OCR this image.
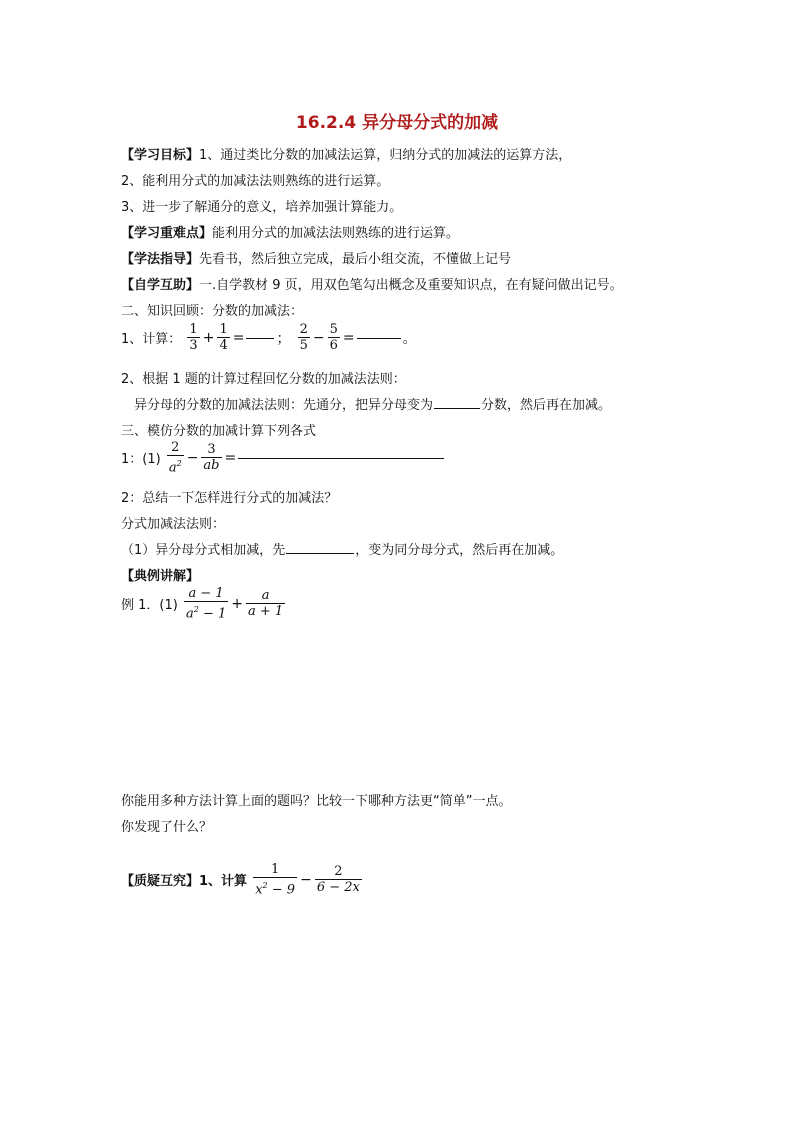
16.2.4 异分母分式的加减
【学习目标】1、通过类比分数的加减法运算，归纳分式的加减法的运算方法，
2、能利用分式的加减法法则熟练的进行运算。
3、进一步了解通分的意义，培养加强计算能力。
【学习重难点】能利用分式的加减法法则熟练的进行运算。
【学法指导】先看书，然后独立完成，最后小组交流，不懂做上记号
【自学互助】一.自学教材 9 页，用双色笔勾出概念及重要知识点，在有疑问做出记号。
二、知识回顾：分数的加减法：
1、计算： $\frac{1}{3} + \frac{1}{4}$ = ； $\frac{2}{5} - \frac{5}{6}$ =	。
2、根据 1 题的计算过程回忆分数的加减法法则：
异分母的分数的加减法法则：先通分，把异分母变为	分数，然后再在加减。
三、模仿分数的加减计算下列各式
1：$(1) \frac{2}{a^2} - \frac{3}{ab}$ =
2：总结一下怎样进行分式的加减法？
分式加减法法则：
（1）异分母分式相加减，先	，变为同分母分式，然后再在加减。
【典例讲解】
例 1．$(1) \frac{a - 1}{a^2 - 1} + \frac{a}{a + 1}$
你能用多种方法计算上面的题吗？比较一下哪种方法更“简单”一点。
你发现了什么？
【质疑互究】1、计算 $\frac{1}{x^2 - 9} - \frac{2}{6 - 2x}$
